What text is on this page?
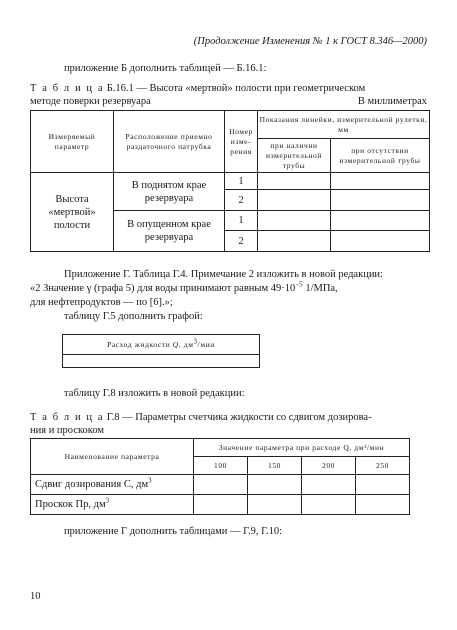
(Продолжение Изменения № 1 к ГОСТ 8.346—2000)
приложение Б дополнить таблицей — Б.16.1:
Т а б л и ц а Б.16.1 — Высота «мертвой» полости при геометрическом
методе поверки резервуара	В миллиметрах
Измеряемый параметр	Расположение приемно раздаточного патрубка	Номер изме-рения	Показания линейки, измерительной рулетки, мм	
			при наличии измерительной трубы	при отсутствии измерительной трубы
Высота «мертвой» полости	В поднятом крае резервуара	1		
		2		
	В опущенном крае резервуара	1		
		2		
Приложение Г. Таблица Г.4. Примечание 2 изложить в новой редакции:
«2 Значение γ (графа 5) для воды принимают равным $49\cdot 10^{-5}$ 1/МПа,
для нефтепродуктов — по [6].»;
таблицу Г.5 дополнить графой:
Расход жидкости Q, $дм^3$/мин

таблицу Г.8 изложить в новой редакции:
Т а б л и ц а Г.8 — Параметры счетчика жидкости со сдвигом дозирова-
ния и проскоком
Наименование параметра	Значение параметра при расходе Q, дм³/мин			
	100	150	200	250
Сдвиг дозирования С, $дм^3$				
Проскок Пр, $дм^3$				
приложение Г дополнить таблицами — Г.9, Г.10:
10
